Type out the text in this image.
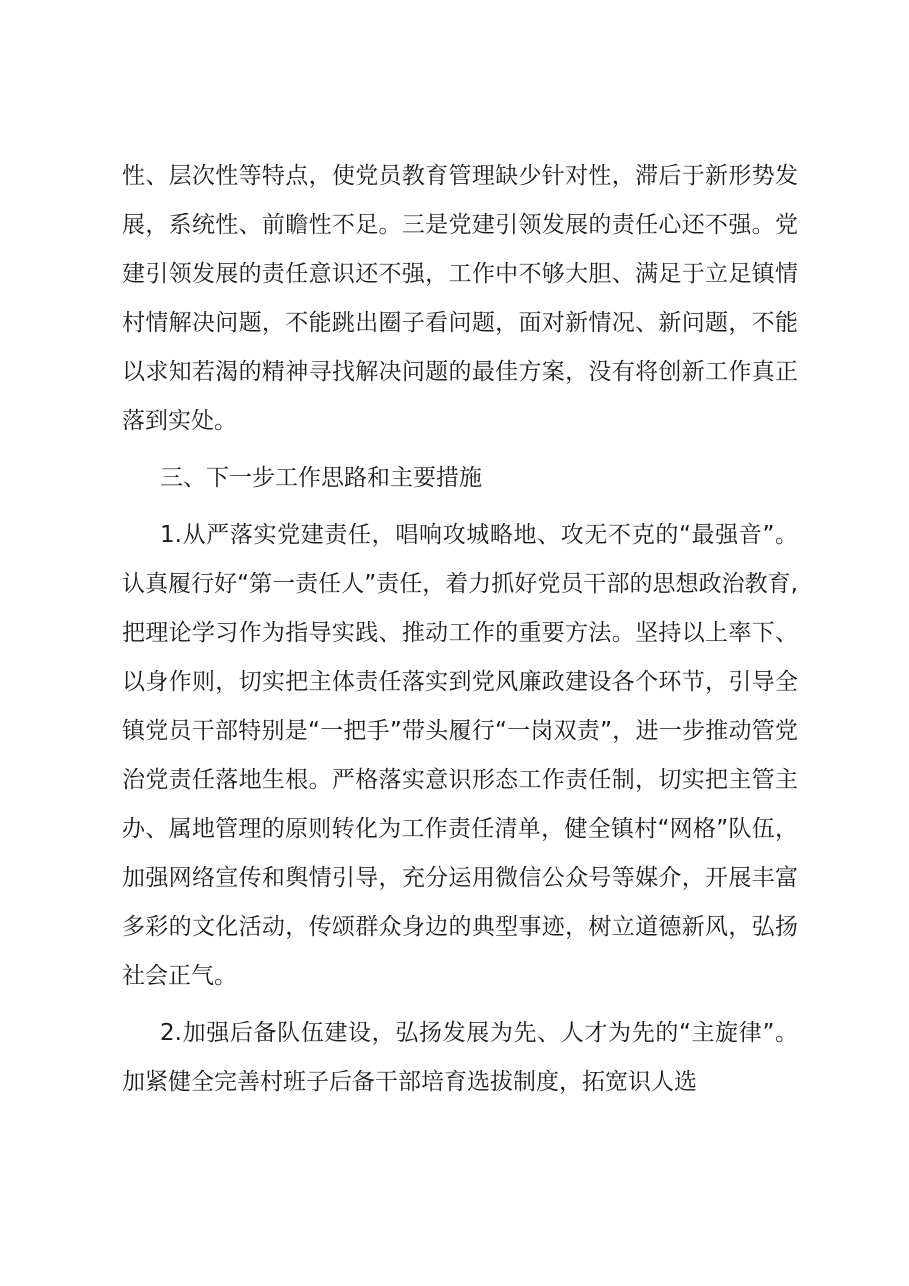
性、层次性等特点，使党员教育管理缺少针对性，滞后于新形势发展，系统性、前瞻性不足。三是党建引领发展的责任心还不强。党建引领发展的责任意识还不强，工作中不够大胆、满足于立足镇情村情解决问题，不能跳出圈子看问题，面对新情况、新问题，不能以求知若渴的精神寻找解决问题的最佳方案，没有将创新工作真正落到实处。

三、下一步工作思路和主要措施

1.从严落实党建责任，唱响攻城略地、攻无不克的“最强音”。认真履行好“第一责任人”责任，着力抓好党员干部的思想政治教育,把理论学习作为指导实践、推动工作的重要方法。坚持以上率下、以身作则，切实把主体责任落实到党风廉政建设各个环节，引导全镇党员干部特别是“一把手”带头履行“一岗双责”，进一步推动管党治党责任落地生根。严格落实意识形态工作责任制，切实把主管主办、属地管理的原则转化为工作责任清单，健全镇村“网格”队伍，加强网络宣传和舆情引导，充分运用微信公众号等媒介，开展丰富多彩的文化活动，传颂群众身边的典型事迹，树立道德新风，弘扬社会正气。

2.加强后备队伍建设，弘扬发展为先、人才为先的“主旋律”。加紧健全完善村班子后备干部培育选拔制度，拓宽识人选
